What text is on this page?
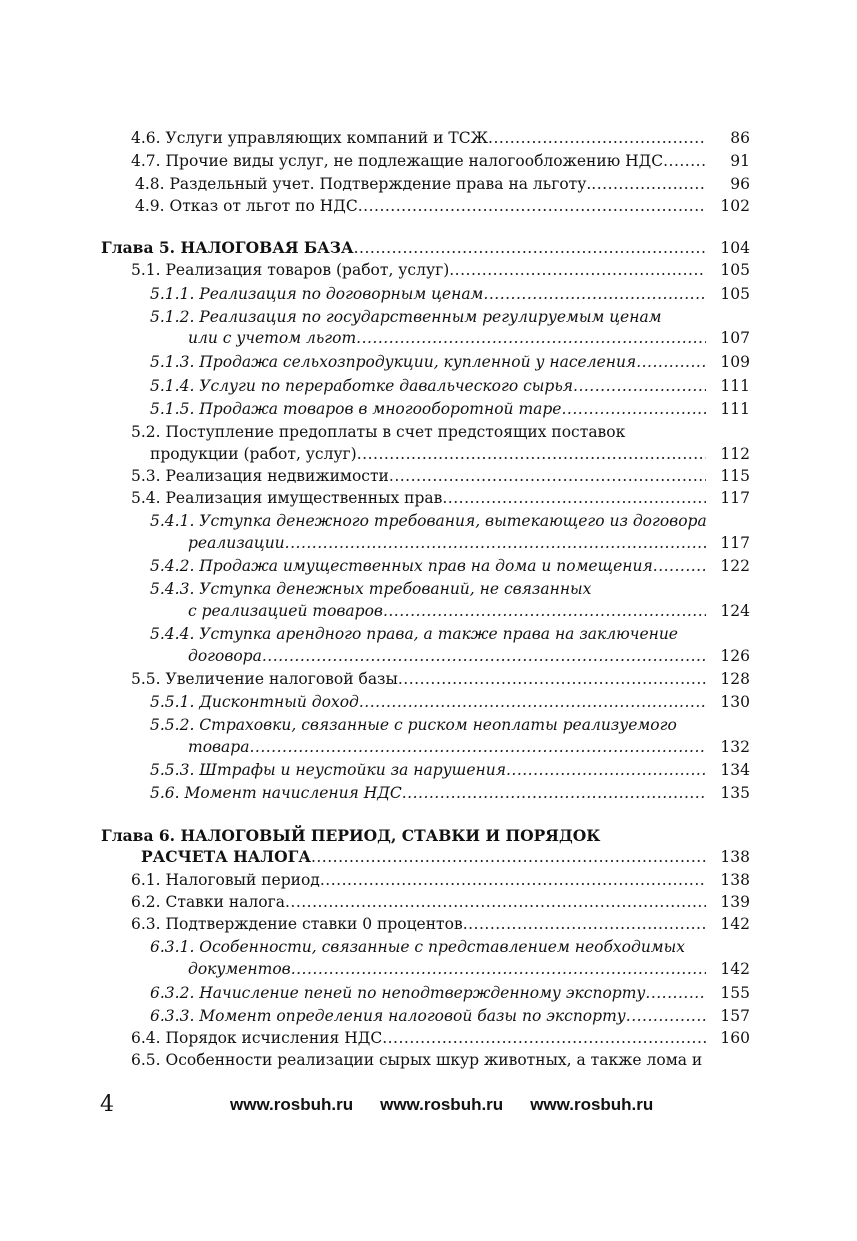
4.6. Услуги управляющих компаний и ТСЖ .....	86
4.7. Прочие виды услуг, не подлежащие налогообложению НДС .....	91
4.8. Раздельный учет. Подтверждение права на льготу. .....	96
4.9. Отказ от льгот по НДС .....	102
Глава 5. НАЛОГОВАЯ БАЗА .....	104
5.1. Реализация товаров (работ, услуг) .....	105
5.1.1. Реализация по договорным ценам .....	105
5.1.2. Реализация по государственным регулируемым ценам
или с учетом льгот .....	107
5.1.3. Продажа сельхозпродукции, купленной у населения .....	109
5.1.4. Услуги по переработке давальческого сырья .....	111
5.1.5. Продажа товаров в многооборотной таре .....	111
5.2. Поступление предоплаты в счет предстоящих поставок
продукции (работ, услуг) .....	112
5.3. Реализация недвижимости .....	115
5.4. Реализация имущественных прав .....	117
5.4.1. Уступка денежного требования, вытекающего из договора
реализации .....	117
5.4.2. Продажа имущественных прав на дома и помещения .....	122
5.4.3. Уступка денежных требований, не связанных
с реализацией товаров .....	124
5.4.4. Уступка арендного права, а также права на заключение
договора .....	126
5.5. Увеличение налоговой базы .....	128
5.5.1. Дисконтный доход .....	130
5.5.2. Страховки, связанные с риском неоплаты реализуемого
товара .....	132
5.5.3. Штрафы и неустойки за нарушения .....	134
5.6. Момент начисления НДС .....	135
Глава 6. НАЛОГОВЫЙ ПЕРИОД, СТАВКИ И ПОРЯДОК
РАСЧЕТА НАЛОГА .....	138
6.1. Налоговый период .....	138
6.2. Ставки налога .....	139
6.3. Подтверждение ставки 0 процентов .....	142
6.3.1. Особенности, связанные с представлением необходимых
документов .....	142
6.3.2. Начисление пеней по неподтвержденному экспорту .....	155
6.3.3. Момент определения налоговой базы по экспорту .....	157
6.4. Порядок исчисления НДС .....	160
6.5. Особенности реализации сырых шкур животных, а также лома и
4	www.rosbuh.ru www.rosbuh.ru www.rosbuh.ru
